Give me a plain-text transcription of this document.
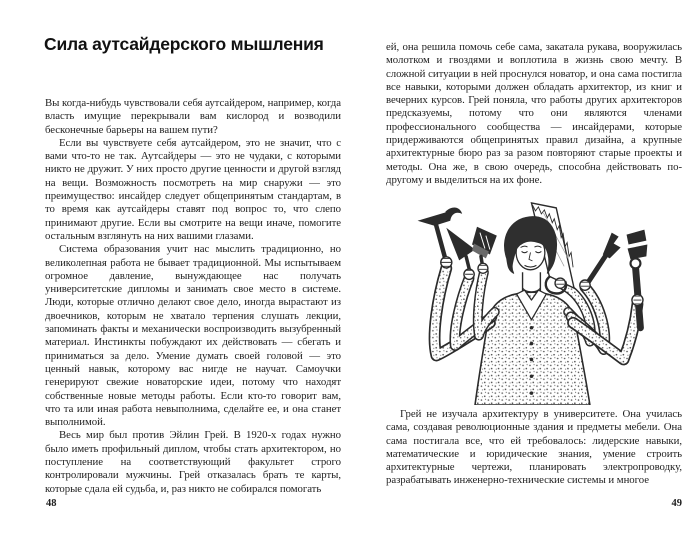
Сила аутсайдерского мышления

Вы когда-нибудь чувствовали себя аутсайдером, например, когда власть имущие перекрывали вам кислород и возводили бесконечные барьеры на вашем пути?

Если вы чувствуете себя аутсайдером, это не значит, что с вами что-то не так. Аутсайдеры — это не чудаки, с которыми никто не дружит. У них просто другие ценности и другой взгляд на вещи. Возможность посмотреть на мир снаружи — это преимущество: инсайдер следует общепринятым стандартам, в то время как аутсайдеры ставят под вопрос то, что слепо принимают другие. Если вы смотрите на вещи иначе, помогите остальным взглянуть на них вашими глазами.

Система образования учит нас мыслить традиционно, но великолепная работа не бывает традиционной. Мы испытываем огромное давление, вынуждающее нас получать университетские дипломы и занимать свое место в системе. Люди, которые отлично делают свое дело, иногда вырастают из двоечников, которым не хватало терпения слушать лекции, запоминать факты и механически воспроизводить вызубренный материал. Инстинкты побуждают их действовать — сбегать и приниматься за дело. Умение думать своей головой — это ценный навык, которому вас нигде не научат. Самоучки генерируют свежие новаторские идеи, потому что находят собственные новые методы работы. Если кто-то говорит вам, что та или иная работа невыполнима, сделайте ее, и она станет выполнимой.

Весь мир был против Эйлин Грей. В 1920-х годах нужно было иметь профильный диплом, чтобы стать архитектором, но поступление на соответствующий факультет строго контролировали мужчины. Грей отказалась брать те карты, которые сдала ей судьба, и, раз никто не собирался помогать

48

ей, она решила помочь себе сама, закатала рукава, вооружилась молотком и гвоздями и воплотила в жизнь свою мечту. В сложной ситуации в ней проснулся новатор, и она сама постигла все навыки, которыми должен обладать архитектор, из книг и вечерних курсов. Грей поняла, что работы других архитекторов предсказуемы, потому что они являются членами профессионального сообщества — инсайдерами, которые придерживаются общепринятых правил дизайна, а крупные архитектурные бюро раз за разом повторяют старые проекты и методы. Она же, в свою очередь, способна действовать по-другому и выделиться на их фоне.

Грей не изучала архитектуру в университете. Она училась сама, создавая революционные здания и предметы мебели. Она сама постигала все, что ей требовалось: лидерские навыки, математические и юридические знания, умение строить архитектурные чертежи, планировать электропроводку, разрабатывать инженерно-технические системы и многое

49
